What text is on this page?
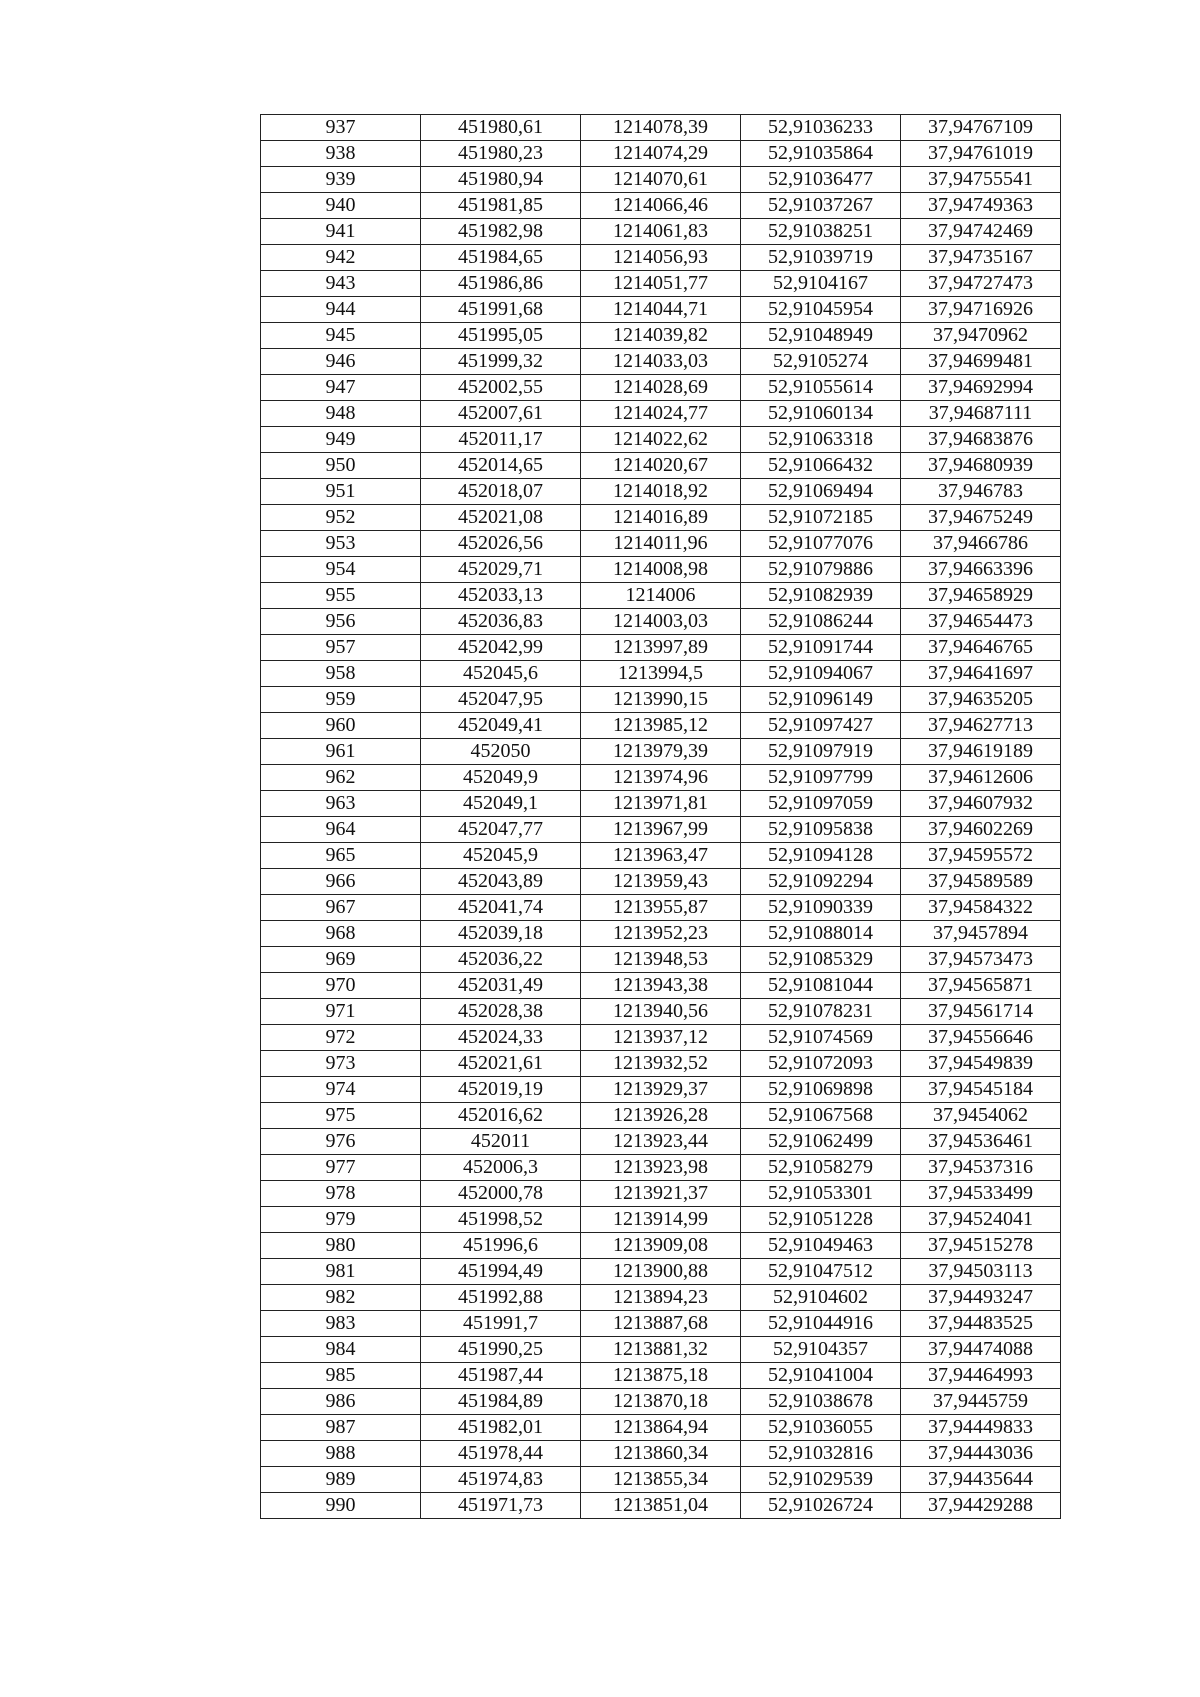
937	451980,61	1214078,39	52,91036233	37,94767109
938	451980,23	1214074,29	52,91035864	37,94761019
939	451980,94	1214070,61	52,91036477	37,94755541
940	451981,85	1214066,46	52,91037267	37,94749363
941	451982,98	1214061,83	52,91038251	37,94742469
942	451984,65	1214056,93	52,91039719	37,94735167
943	451986,86	1214051,77	52,9104167	37,94727473
944	451991,68	1214044,71	52,91045954	37,94716926
945	451995,05	1214039,82	52,91048949	37,9470962
946	451999,32	1214033,03	52,9105274	37,94699481
947	452002,55	1214028,69	52,91055614	37,94692994
948	452007,61	1214024,77	52,91060134	37,94687111
949	452011,17	1214022,62	52,91063318	37,94683876
950	452014,65	1214020,67	52,91066432	37,94680939
951	452018,07	1214018,92	52,91069494	37,946783
952	452021,08	1214016,89	52,91072185	37,94675249
953	452026,56	1214011,96	52,91077076	37,9466786
954	452029,71	1214008,98	52,91079886	37,94663396
955	452033,13	1214006	52,91082939	37,94658929
956	452036,83	1214003,03	52,91086244	37,94654473
957	452042,99	1213997,89	52,91091744	37,94646765
958	452045,6	1213994,5	52,91094067	37,94641697
959	452047,95	1213990,15	52,91096149	37,94635205
960	452049,41	1213985,12	52,91097427	37,94627713
961	452050	1213979,39	52,91097919	37,94619189
962	452049,9	1213974,96	52,91097799	37,94612606
963	452049,1	1213971,81	52,91097059	37,94607932
964	452047,77	1213967,99	52,91095838	37,94602269
965	452045,9	1213963,47	52,91094128	37,94595572
966	452043,89	1213959,43	52,91092294	37,94589589
967	452041,74	1213955,87	52,91090339	37,94584322
968	452039,18	1213952,23	52,91088014	37,9457894
969	452036,22	1213948,53	52,91085329	37,94573473
970	452031,49	1213943,38	52,91081044	37,94565871
971	452028,38	1213940,56	52,91078231	37,94561714
972	452024,33	1213937,12	52,91074569	37,94556646
973	452021,61	1213932,52	52,91072093	37,94549839
974	452019,19	1213929,37	52,91069898	37,94545184
975	452016,62	1213926,28	52,91067568	37,9454062
976	452011	1213923,44	52,91062499	37,94536461
977	452006,3	1213923,98	52,91058279	37,94537316
978	452000,78	1213921,37	52,91053301	37,94533499
979	451998,52	1213914,99	52,91051228	37,94524041
980	451996,6	1213909,08	52,91049463	37,94515278
981	451994,49	1213900,88	52,91047512	37,94503113
982	451992,88	1213894,23	52,9104602	37,94493247
983	451991,7	1213887,68	52,91044916	37,94483525
984	451990,25	1213881,32	52,9104357	37,94474088
985	451987,44	1213875,18	52,91041004	37,94464993
986	451984,89	1213870,18	52,91038678	37,9445759
987	451982,01	1213864,94	52,91036055	37,94449833
988	451978,44	1213860,34	52,91032816	37,94443036
989	451974,83	1213855,34	52,91029539	37,94435644
990	451971,73	1213851,04	52,91026724	37,94429288
